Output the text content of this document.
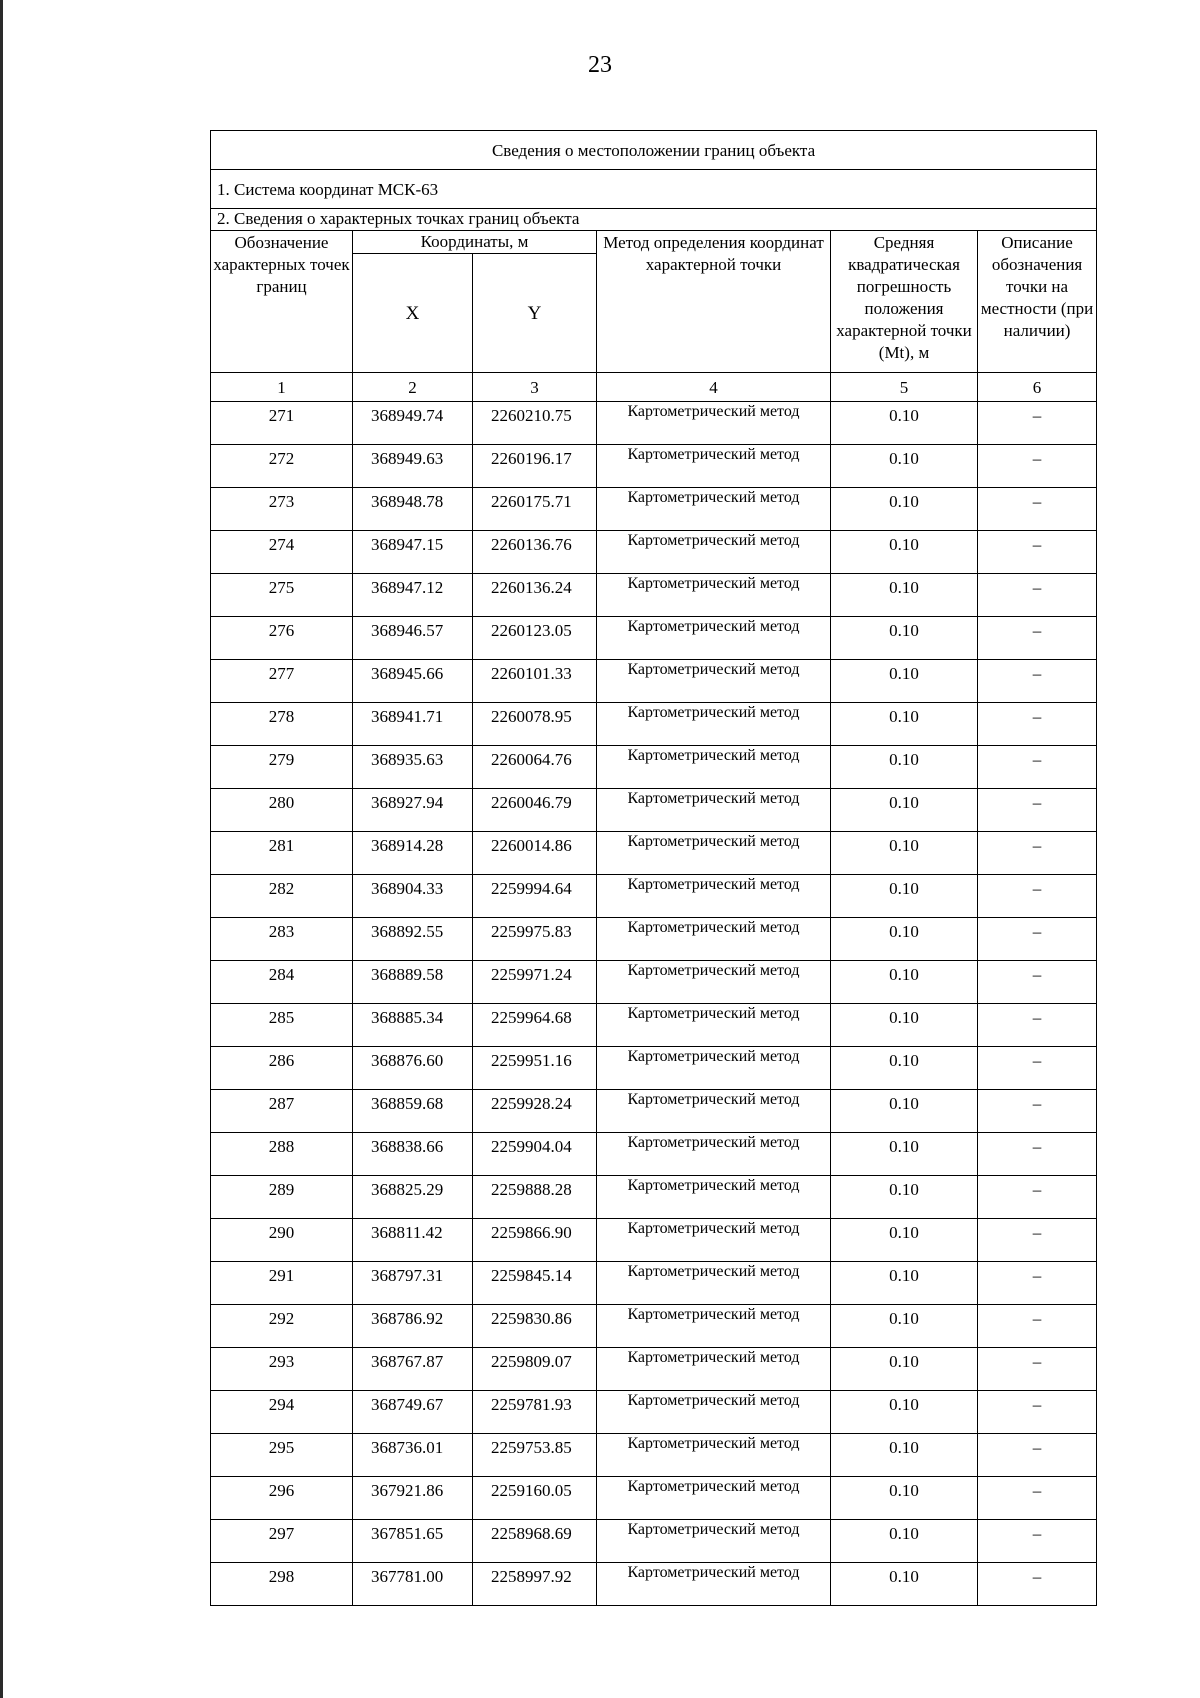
23
Сведения о местоположении границ объекта					
1. Система координат МСК-63					
2. Сведения о характерных точках границ объекта					
Обозначение характерных точек границ	Координаты, м		Метод определения координат характерной точки	Средняя квадратическая погрешность положения характерной точки (Mt), м	Описание обозначения точки на местности (при наличии)
	X	Y			
1	2	3	4	5	6
271	368949.74	2260210.75	Картометрический метод	0.10	–
272	368949.63	2260196.17	Картометрический метод	0.10	–
273	368948.78	2260175.71	Картометрический метод	0.10	–
274	368947.15	2260136.76	Картометрический метод	0.10	–
275	368947.12	2260136.24	Картометрический метод	0.10	–
276	368946.57	2260123.05	Картометрический метод	0.10	–
277	368945.66	2260101.33	Картометрический метод	0.10	–
278	368941.71	2260078.95	Картометрический метод	0.10	–
279	368935.63	2260064.76	Картометрический метод	0.10	–
280	368927.94	2260046.79	Картометрический метод	0.10	–
281	368914.28	2260014.86	Картометрический метод	0.10	–
282	368904.33	2259994.64	Картометрический метод	0.10	–
283	368892.55	2259975.83	Картометрический метод	0.10	–
284	368889.58	2259971.24	Картометрический метод	0.10	–
285	368885.34	2259964.68	Картометрический метод	0.10	–
286	368876.60	2259951.16	Картометрический метод	0.10	–
287	368859.68	2259928.24	Картометрический метод	0.10	–
288	368838.66	2259904.04	Картометрический метод	0.10	–
289	368825.29	2259888.28	Картометрический метод	0.10	–
290	368811.42	2259866.90	Картометрический метод	0.10	–
291	368797.31	2259845.14	Картометрический метод	0.10	–
292	368786.92	2259830.86	Картометрический метод	0.10	–
293	368767.87	2259809.07	Картометрический метод	0.10	–
294	368749.67	2259781.93	Картометрический метод	0.10	–
295	368736.01	2259753.85	Картометрический метод	0.10	–
296	367921.86	2259160.05	Картометрический метод	0.10	–
297	367851.65	2258968.69	Картометрический метод	0.10	–
298	367781.00	2258997.92	Картометрический метод	0.10	–
